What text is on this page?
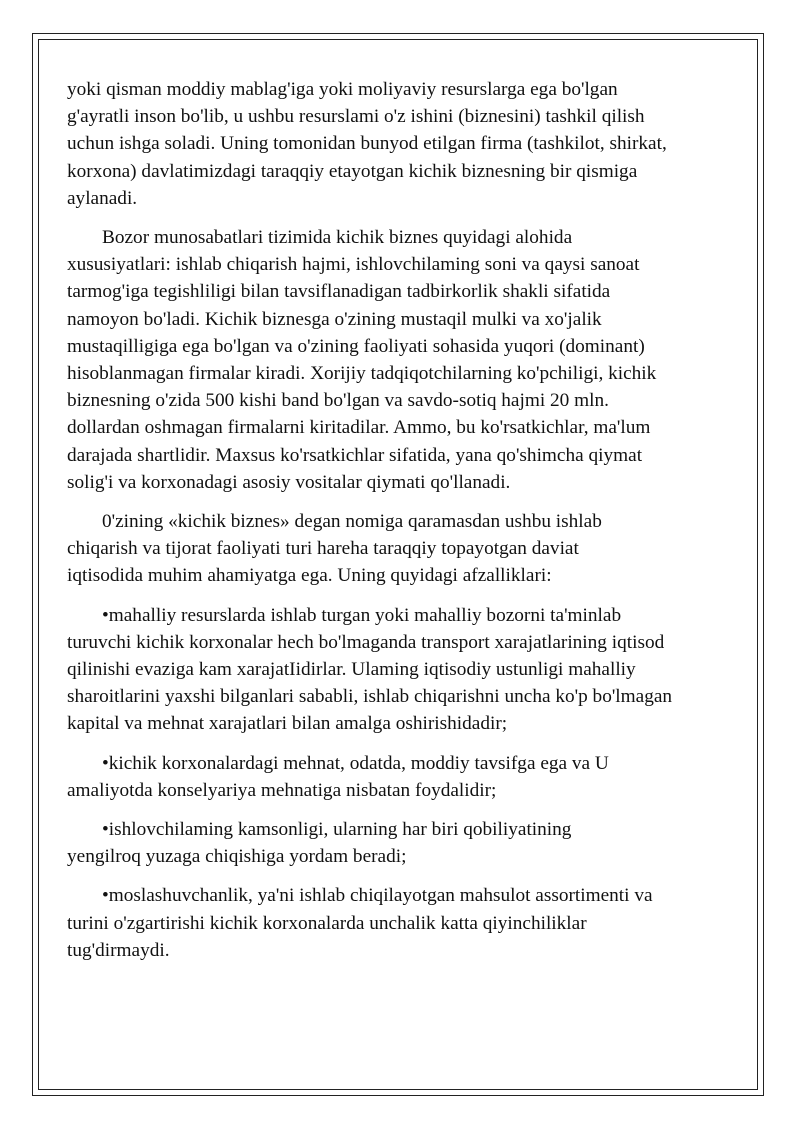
yoki qisman moddiy mablag'iga yoki moliyaviy resurslarga ega bo'lgan
g'ayratli inson bo'lib, u ushbu resurslami o'z ishini (biznesini) tashkil qilish
uchun ishga soladi. Uning tomonidan bunyod etilgan firma (tashkilot, shirkat,
korxona) davlatimizdagi taraqqiy etayotgan kichik biznesning bir qismiga
aylanadi.

Bozor munosabatlari tizimida kichik biznes quyidagi alohida
xususiyatlari: ishlab chiqarish hajmi, ishlovchilaming soni va qaysi sanoat
tarmog'iga tegishliligi bilan tavsiflanadigan tadbirkorlik shakli sifatida
namoyon bo'ladi. Kichik biznesga o'zining mustaqil mulki va xo'jalik
mustaqilligiga ega bo'lgan va o'zining faoliyati sohasida yuqori (dominant)
hisoblanmagan firmalar kiradi. Xorijiy tadqiqotchilarning ko'pchiligi, kichik
biznesning o'zida 500 kishi band bo'lgan va savdo-sotiq hajmi 20 mln.
dollardan oshmagan firmalarni kiritadilar. Ammo, bu ko'rsatkichlar, ma'lum
darajada shartlidir. Maxsus ko'rsatkichlar sifatida, yana qo'shimcha qiymat
solig'i va korxonadagi asosiy vositalar qiymati qo'llanadi.

0'zining «kichik biznes» degan nomiga qaramasdan ushbu ishlab
chiqarish va tijorat faoliyati turi hareha taraqqiy topayotgan daviat
iqtisodida muhim ahamiyatga ega. Uning quyidagi afzalliklari:

•mahalliy resurslarda ishlab turgan yoki mahalliy bozorni ta'minlab
turuvchi kichik korxonalar hech bo'lmaganda transport xarajatlarining iqtisod
qilinishi evaziga kam xarajatIidirlar. Ulaming iqtisodiy ustunligi mahalliy
sharoitlarini yaxshi bilganlari sababli, ishlab chiqarishni uncha ko'p bo'lmagan
kapital va mehnat xarajatlari bilan amalga oshirishidadir;

•kichik korxonalardagi mehnat, odatda, moddiy tavsifga ega va U
amaliyotda konselyariya mehnatiga nisbatan foydalidir;

•ishlovchilaming kamsonligi, ularning har biri qobiliyatining
yengilroq yuzaga chiqishiga yordam beradi;

•moslashuvchanlik, ya'ni ishlab chiqilayotgan mahsulot assortimenti va
turini o'zgartirishi kichik korxonalarda unchalik katta qiyinchiliklar
tug'dirmaydi.
